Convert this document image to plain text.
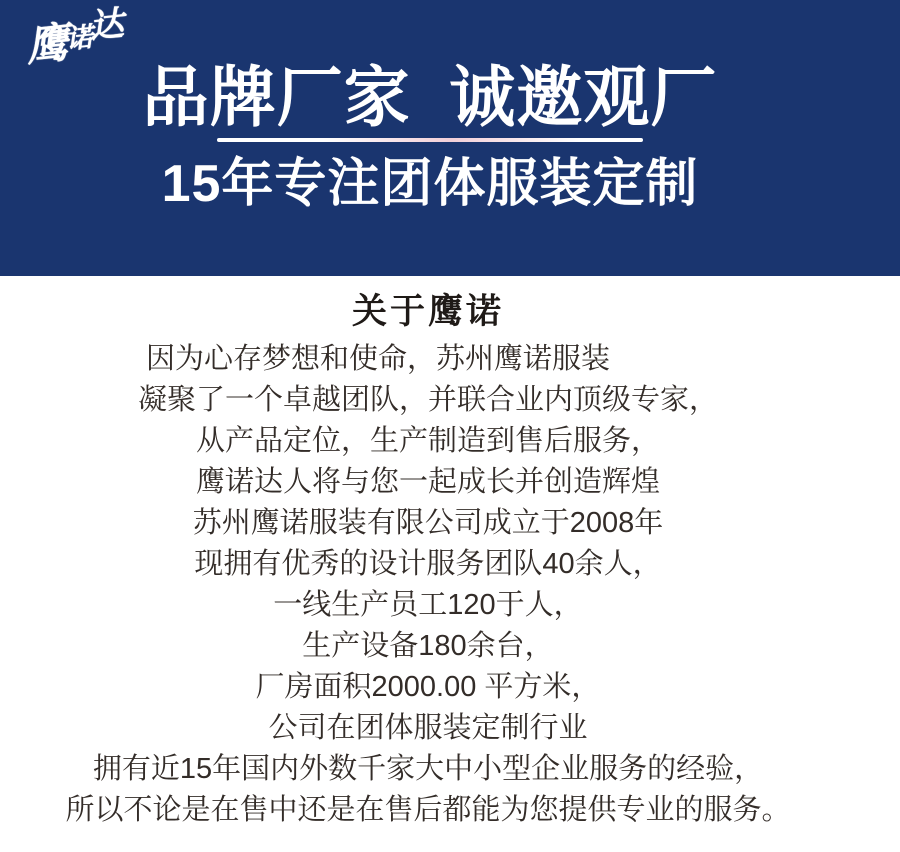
鹰诺达
品牌厂家  诚邀观厂
15年专注团体服装定制
关于鹰诺
因为心存梦想和使命，苏州鹰诺服装
凝聚了一个卓越团队，并联合业内顶级专家，
从产品定位，生产制造到售后服务，
鹰诺达人将与您一起成长并创造辉煌
苏州鹰诺服装有限公司成立于2008年
现拥有优秀的设计服务团队40余人，
一线生产员工120于人，
生产设备180余台，
厂房面积2000.00 平方米，
公司在团体服装定制行业
拥有近15年国内外数千家大中小型企业服务的经验，
所以不论是在售中还是在售后都能为您提供专业的服务。
